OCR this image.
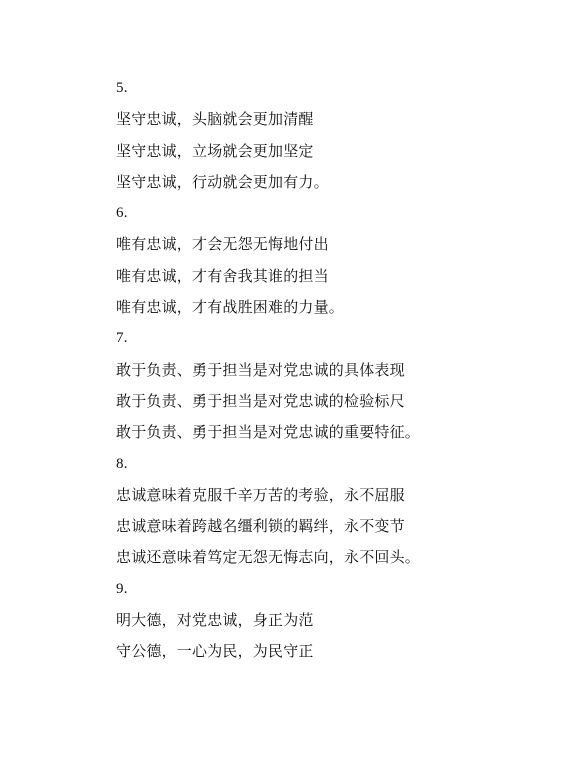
5.
坚守忠诚，头脑就会更加清醒
坚守忠诚，立场就会更加坚定
坚守忠诚，行动就会更加有力。
6.
唯有忠诚，才会无怨无悔地付出
唯有忠诚，才有舍我其谁的担当
唯有忠诚，才有战胜困难的力量。
7.
敢于负责、勇于担当是对党忠诚的具体表现
敢于负责、勇于担当是对党忠诚的检验标尺
敢于负责、勇于担当是对党忠诚的重要特征。
8.
忠诚意味着克服千辛万苦的考验，永不屈服
忠诚意味着跨越名缰利锁的羁绊，永不变节
忠诚还意味着笃定无怨无悔志向，永不回头。
9.
明大德，对党忠诚，身正为范
守公德，一心为民，为民守正
